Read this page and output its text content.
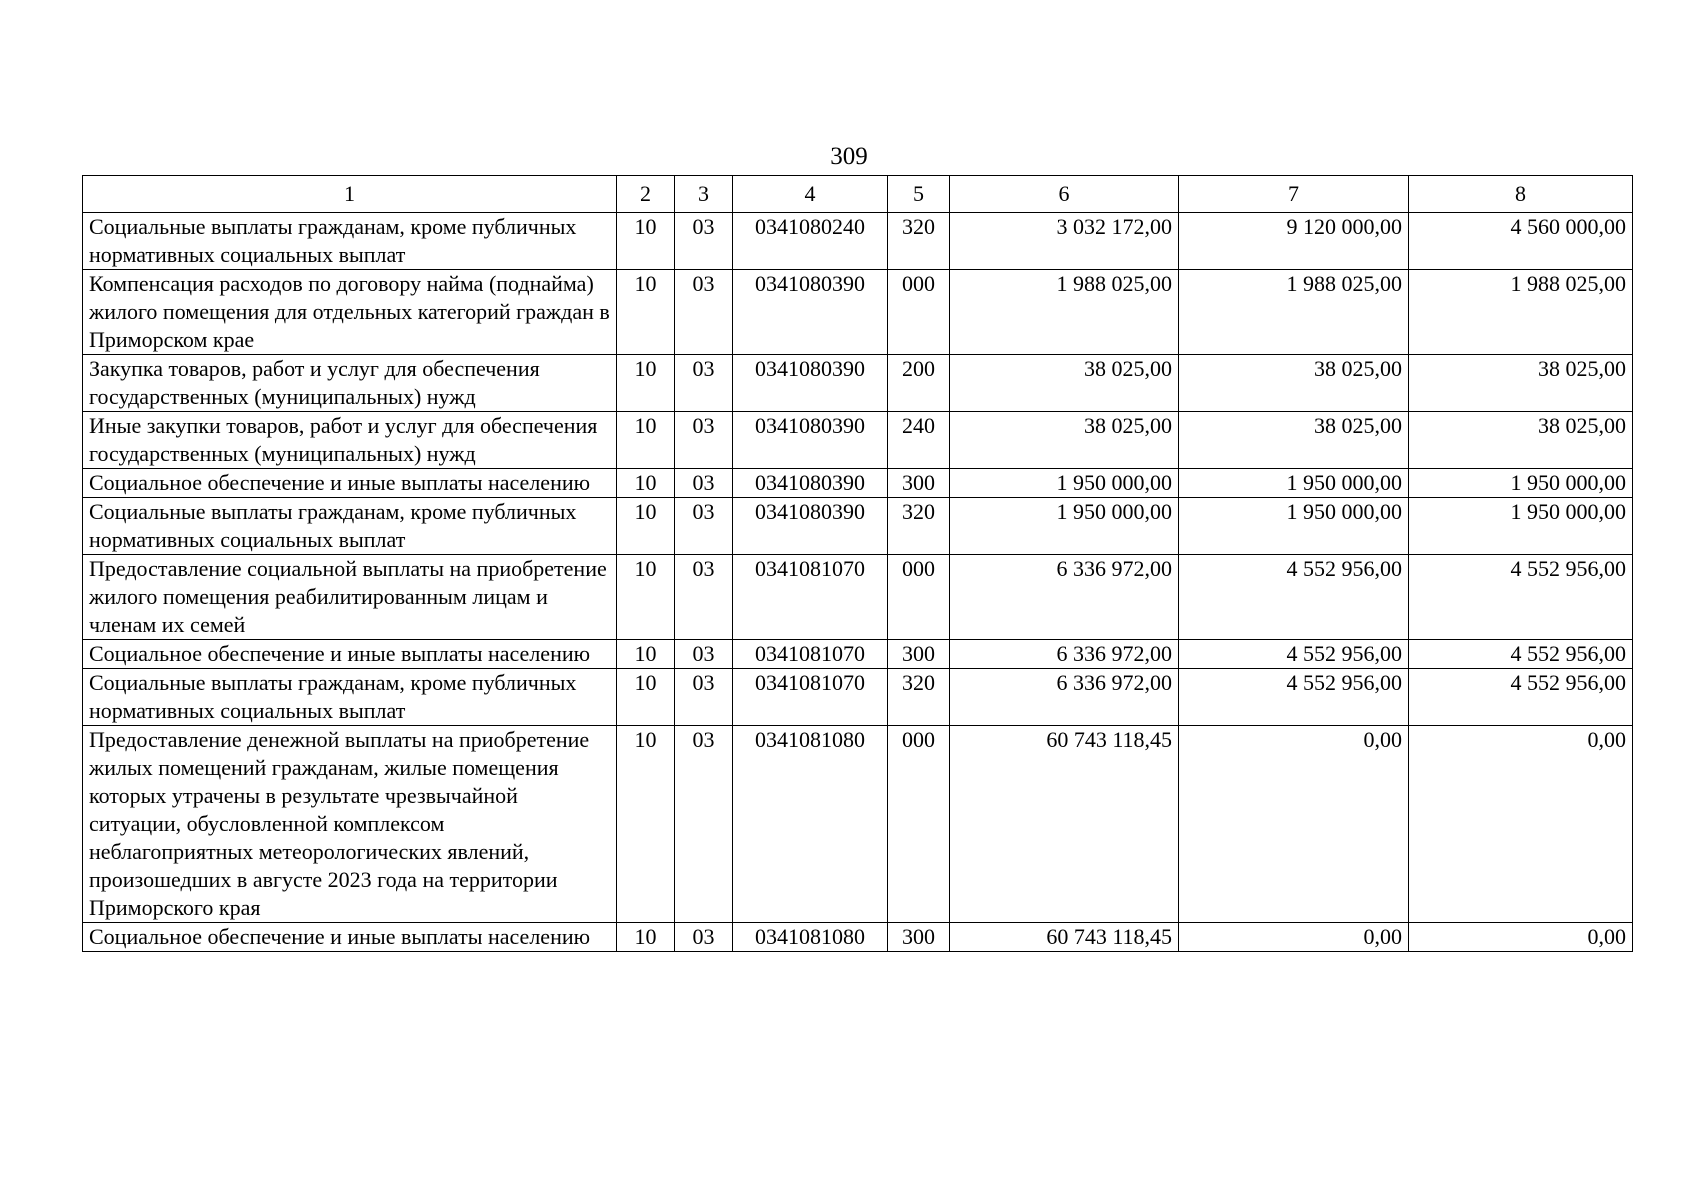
309
1	2	3	4	5	6	7	8
Социальные выплаты гражданам, кроме публичных нормативных социальных выплат	10	03	0341080240	320	3 032 172,00	9 120 000,00	4 560 000,00
Компенсация расходов по договору найма (поднайма) жилого помещения для отдельных категорий граждан в Приморском крае	10	03	0341080390	000	1 988 025,00	1 988 025,00	1 988 025,00
Закупка товаров, работ и услуг для обеспечения государственных (муниципальных) нужд	10	03	0341080390	200	38 025,00	38 025,00	38 025,00
Иные закупки товаров, работ и услуг для обеспечения государственных (муниципальных) нужд	10	03	0341080390	240	38 025,00	38 025,00	38 025,00
Социальное обеспечение и иные выплаты населению	10	03	0341080390	300	1 950 000,00	1 950 000,00	1 950 000,00
Социальные выплаты гражданам, кроме публичных нормативных социальных выплат	10	03	0341080390	320	1 950 000,00	1 950 000,00	1 950 000,00
Предоставление социальной выплаты на приобретение жилого помещения реабилитированным лицам и членам их семей	10	03	0341081070	000	6 336 972,00	4 552 956,00	4 552 956,00
Социальное обеспечение и иные выплаты населению	10	03	0341081070	300	6 336 972,00	4 552 956,00	4 552 956,00
Социальные выплаты гражданам, кроме публичных нормативных социальных выплат	10	03	0341081070	320	6 336 972,00	4 552 956,00	4 552 956,00
Предоставление денежной выплаты на приобретение жилых помещений гражданам, жилые помещения которых утрачены в результате чрезвычайной ситуации, обусловленной комплексом неблагоприятных метеорологических явлений, произошедших в августе 2023 года на территории Приморского края	10	03	0341081080	000	60 743 118,45	0,00	0,00
Социальное обеспечение и иные выплаты населению	10	03	0341081080	300	60 743 118,45	0,00	0,00
